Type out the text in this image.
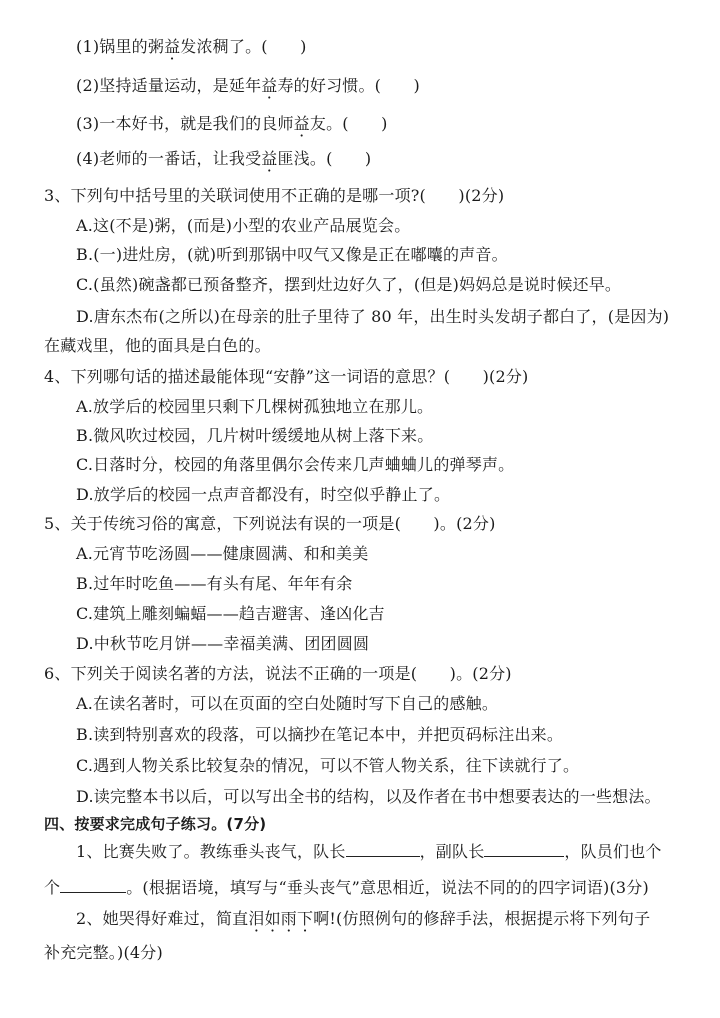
(1)锅里的粥益发浓稠了。(　　)
(2)坚持适量运动，是延年益寿的好习惯。(　　)
(3)一本好书，就是我们的良师益友。(　　)
(4)老师的一番话，让我受益匪浅。(　　)
3、下列句中括号里的关联词使用不正确的是哪一项?(　　)(2分)
A.这(不是)粥，(而是)小型的农业产品展览会。
B.(一)进灶房，(就)听到那锅中叹气又像是正在嘟囔的声音。
C.(虽然)碗盏都已预备整齐，摆到灶边好久了，(但是)妈妈总是说时候还早。
D.唐东杰布(之所以)在母亲的肚子里待了 80 年，出生时头发胡子都白了，(是因为)
在藏戏里，他的面具是白色的。
4、下列哪句话的描述最能体现“安静”这一词语的意思？(　　)(2分)
A.放学后的校园里只剩下几棵树孤独地立在那儿。
B.微风吹过校园，几片树叶缓缓地从树上落下来。
C.日落时分，校园的角落里偶尔会传来几声蛐蛐儿的弹琴声。
D.放学后的校园一点声音都没有，时空似乎静止了。
5、关于传统习俗的寓意，下列说法有误的一项是(　　)。(2分)
A.元宵节吃汤圆——健康圆满、和和美美
B.过年时吃鱼——有头有尾、年年有余
C.建筑上雕刻蝙蝠——趋吉避害、逢凶化吉
D.中秋节吃月饼——幸福美满、团团圆圆
6、下列关于阅读名著的方法，说法不正确的一项是(　　)。(2分)
A.在读名著时，可以在页面的空白处随时写下自己的感触。
B.读到特别喜欢的段落，可以摘抄在笔记本中，并把页码标注出来。
C.遇到人物关系比较复杂的情况，可以不管人物关系，往下读就行了。
D.读完整本书以后，可以写出全书的结构，以及作者在书中想要表达的一些想法。
四、按要求完成句子练习。(7分)
1、比赛失败了。教练垂头丧气，队长	，副队长	，队员们也个
个	。(根据语境，填写与“垂头丧气”意思相近，说法不同的的四字词语)(3分)
2、她哭得好难过，简直泪如雨下啊!(仿照例句的修辞手法，根据提示将下列句子
补充完整。)(4分)
